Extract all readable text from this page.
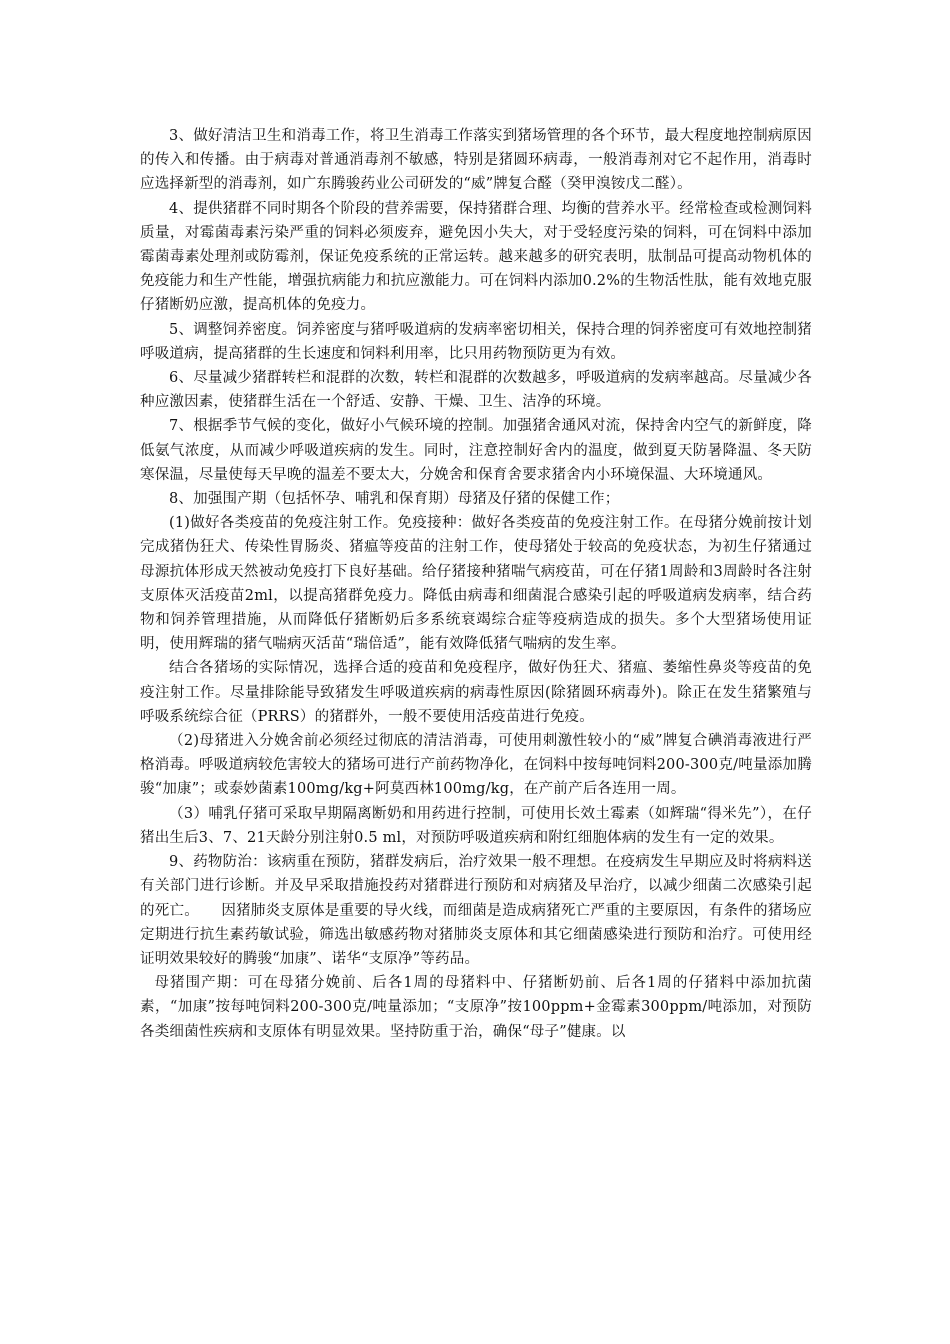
3、做好清洁卫生和消毒工作，将卫生消毒工作落实到猪场管理的各个环节，最大程度地控制病原因的传入和传播。由于病毒对普通消毒剂不敏感，特别是猪圆环病毒，一般消毒剂对它不起作用，消毒时应选择新型的消毒剂，如广东腾骏药业公司研发的“威”牌复合醛（癸甲溴铵戊二醛）。

4、提供猪群不同时期各个阶段的营养需要，保持猪群合理、均衡的营养水平。经常检查或检测饲料质量，对霉菌毒素污染严重的饲料必须废弃，避免因小失大，对于受轻度污染的饲料，可在饲料中添加霉菌毒素处理剂或防霉剂，保证免疫系统的正常运转。越来越多的研究表明，肽制品可提高动物机体的免疫能力和生产性能，增强抗病能力和抗应激能力。可在饲料内添加0.2%的生物活性肽，能有效地克服仔猪断奶应激，提高机体的免疫力。

5、调整饲养密度。饲养密度与猪呼吸道病的发病率密切相关，保持合理的饲养密度可有效地控制猪呼吸道病，提高猪群的生长速度和饲料利用率，比只用药物预防更为有效。

6、尽量减少猪群转栏和混群的次数，转栏和混群的次数越多，呼吸道病的发病率越高。尽量减少各种应激因素，使猪群生活在一个舒适、安静、干燥、卫生、洁净的环境。

7、根据季节气候的变化，做好小气候环境的控制。加强猪舍通风对流，保持舍内空气的新鲜度，降低氨气浓度，从而减少呼吸道疾病的发生。同时，注意控制好舍内的温度，做到夏天防暑降温、冬天防寒保温，尽量使每天早晚的温差不要太大，分娩舍和保育舍要求猪舍内小环境保温、大环境通风。

8、加强围产期（包括怀孕、哺乳和保育期）母猪及仔猪的保健工作；

(1)做好各类疫苗的免疫注射工作。免疫接种：做好各类疫苗的免疫注射工作。在母猪分娩前按计划完成猪伪狂犬、传染性胃肠炎、猪瘟等疫苗的注射工作，使母猪处于较高的免疫状态，为初生仔猪通过母源抗体形成天然被动免疫打下良好基础。给仔猪接种猪喘气病疫苗，可在仔猪1周龄和3周龄时各注射支原体灭活疫苗2ml，以提高猪群免疫力。降低由病毒和细菌混合感染引起的呼吸道病发病率，结合药物和饲养管理措施，从而降低仔猪断奶后多系统衰竭综合症等疫病造成的损失。多个大型猪场使用证明，使用辉瑞的猪气喘病灭活苗“瑞倍适”，能有效降低猪气喘病的发生率。

结合各猪场的实际情况，选择合适的疫苗和免疫程序，做好伪狂犬、猪瘟、萎缩性鼻炎等疫苗的免疫注射工作。尽量排除能导致猪发生呼吸道疾病的病毒性原因(除猪圆环病毒外)。除正在发生猪繁殖与呼吸系统综合征（PRRS）的猪群外，一般不要使用活疫苗进行免疫。

（2)母猪进入分娩舍前必须经过彻底的清洁消毒，可使用刺激性较小的“威”牌复合碘消毒液进行严格消毒。呼吸道病较危害较大的猪场可进行产前药物净化，在饲料中按每吨饲料200-300克/吨量添加腾骏“加康”；或泰妙菌素100mg/kg+阿莫西林100mg/kg，在产前产后各连用一周。

（3）哺乳仔猪可采取早期隔离断奶和用药进行控制，可使用长效土霉素（如辉瑞“得米先”），在仔猪出生后3、7、21天龄分别注射0.5 ml，对预防呼吸道疾病和附红细胞体病的发生有一定的效果。

9、药物防治：该病重在预防，猪群发病后，治疗效果一般不理想。在疫病发生早期应及时将病料送有关部门进行诊断。并及早采取措施投药对猪群进行预防和对病猪及早治疗，以减少细菌二次感染引起的死亡。　　因猪肺炎支原体是重要的导火线，而细菌是造成病猪死亡严重的主要原因，有条件的猪场应定期进行抗生素药敏试验，筛选出敏感药物对猪肺炎支原体和其它细菌感染进行预防和治疗。可使用经证明效果较好的腾骏“加康”、诺华“支原净”等药品。

母猪围产期：可在母猪分娩前、后各1周的母猪料中、仔猪断奶前、后各1周的仔猪料中添加抗菌素，“加康”按每吨饲料200-300克/吨量添加；“支原净”按100ppm+金霉素300ppm/吨添加，对预防各类细菌性疾病和支原体有明显效果。坚持防重于治，确保“母子”健康。以
